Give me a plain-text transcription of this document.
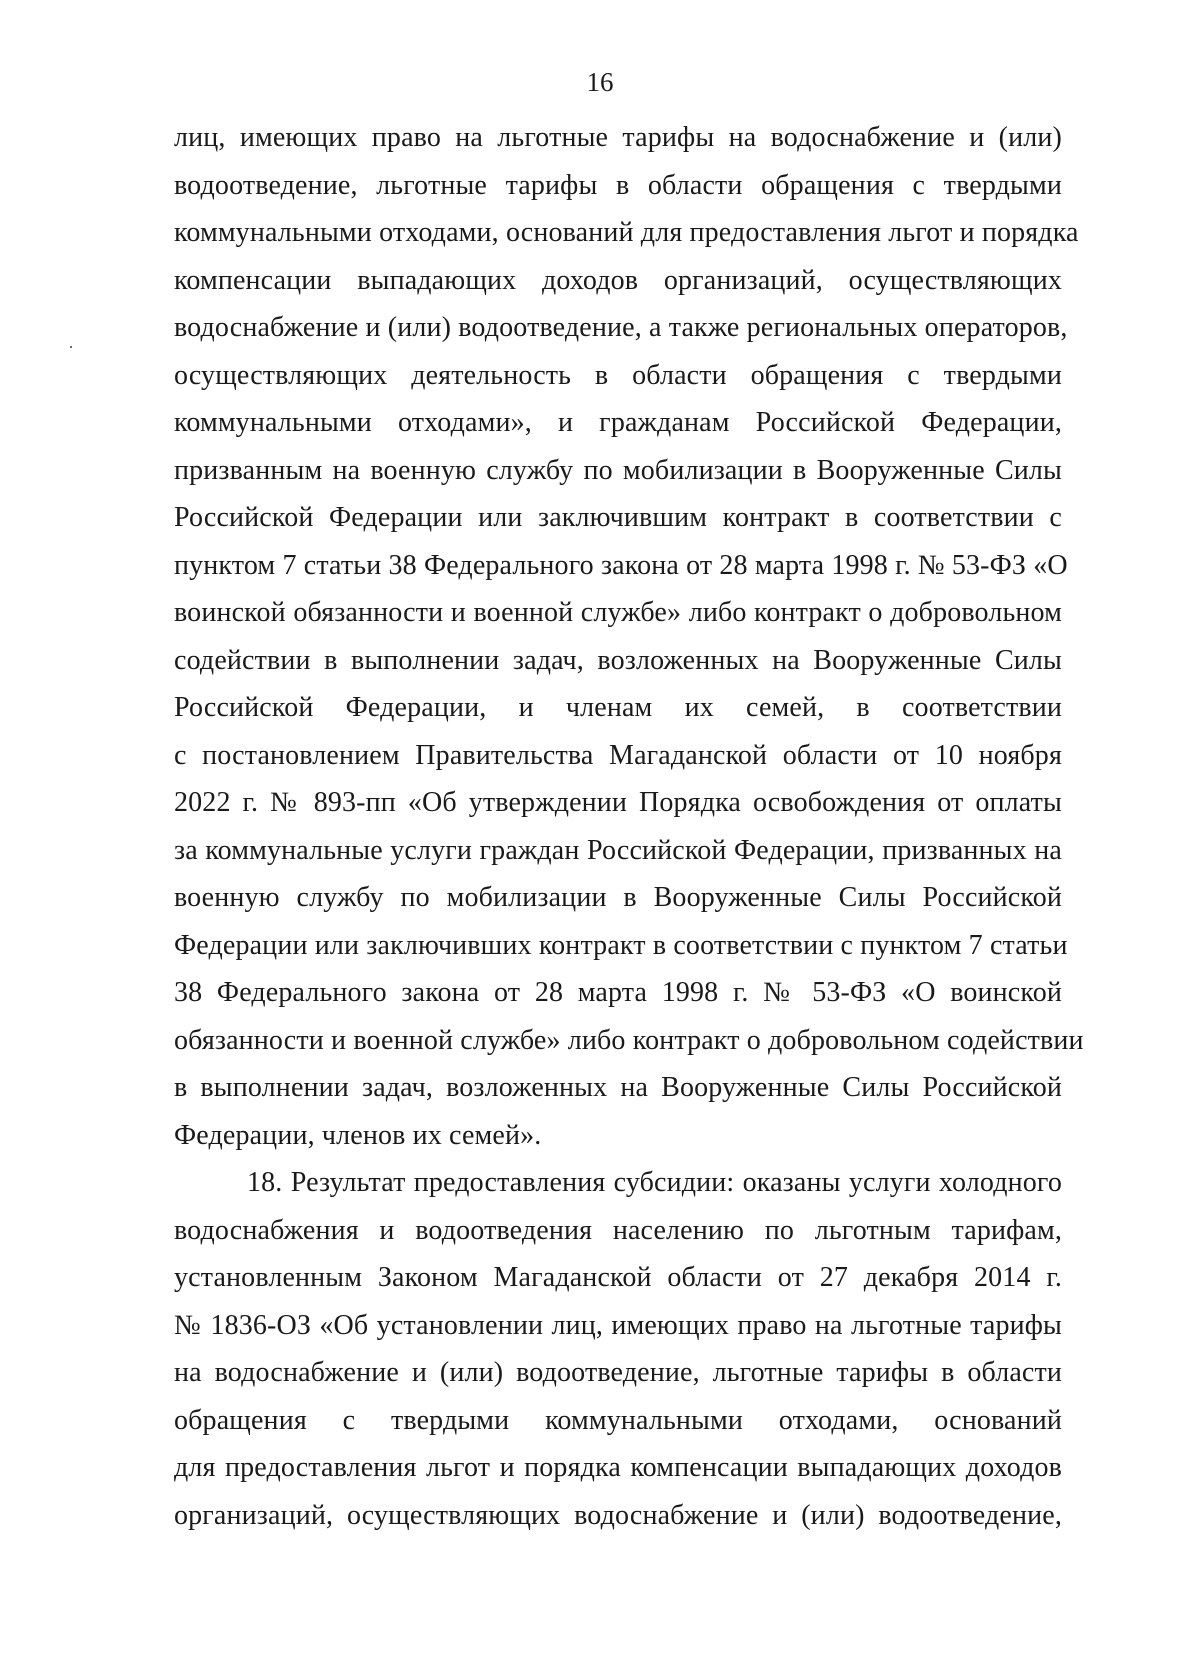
16
лиц, имеющих право на льготные тарифы на водоснабжение и (или)
водоотведение, льготные тарифы в области обращения с твердыми
коммунальными отходами, оснований для предоставления льгот и порядка
компенсации выпадающих доходов организаций, осуществляющих
водоснабжение и (или) водоотведение, а также региональных операторов,
осуществляющих деятельность в области обращения с твердыми
коммунальными отходами», и гражданам Российской Федерации,
призванным на военную службу по мобилизации в Вооруженные Силы
Российской Федерации или заключившим контракт в соответствии с
пунктом 7 статьи 38 Федерального закона от 28 марта 1998 г. № 53-ФЗ «О
воинской обязанности и военной службе» либо контракт о добровольном
содействии в выполнении задач, возложенных на Вооруженные Силы
Российской Федерации, и членам их семей, в соответствии
с постановлением Правительства Магаданской области от 10 ноября
2022 г. № 893-пп «Об утверждении Порядка освобождения от оплаты
за коммунальные услуги граждан Российской Федерации, призванных на
военную службу по мобилизации в Вооруженные Силы Российской
Федерации или заключивших контракт в соответствии с пунктом 7 статьи
38 Федерального закона от 28 марта 1998 г. № 53-ФЗ «О воинской
обязанности и военной службе» либо контракт о добровольном содействии
в выполнении задач, возложенных на Вооруженные Силы Российской
Федерации, членов их семей».
18. Результат предоставления субсидии: оказаны услуги холодного
водоснабжения и водоотведения населению по льготным тарифам,
установленным Законом Магаданской области от 27 декабря 2014 г.
№ 1836-ОЗ «Об установлении лиц, имеющих право на льготные тарифы
на водоснабжение и (или) водоотведение, льготные тарифы в области
обращения с твердыми коммунальными отходами, оснований
для предоставления льгот и порядка компенсации выпадающих доходов
организаций, осуществляющих водоснабжение и (или) водоотведение,
